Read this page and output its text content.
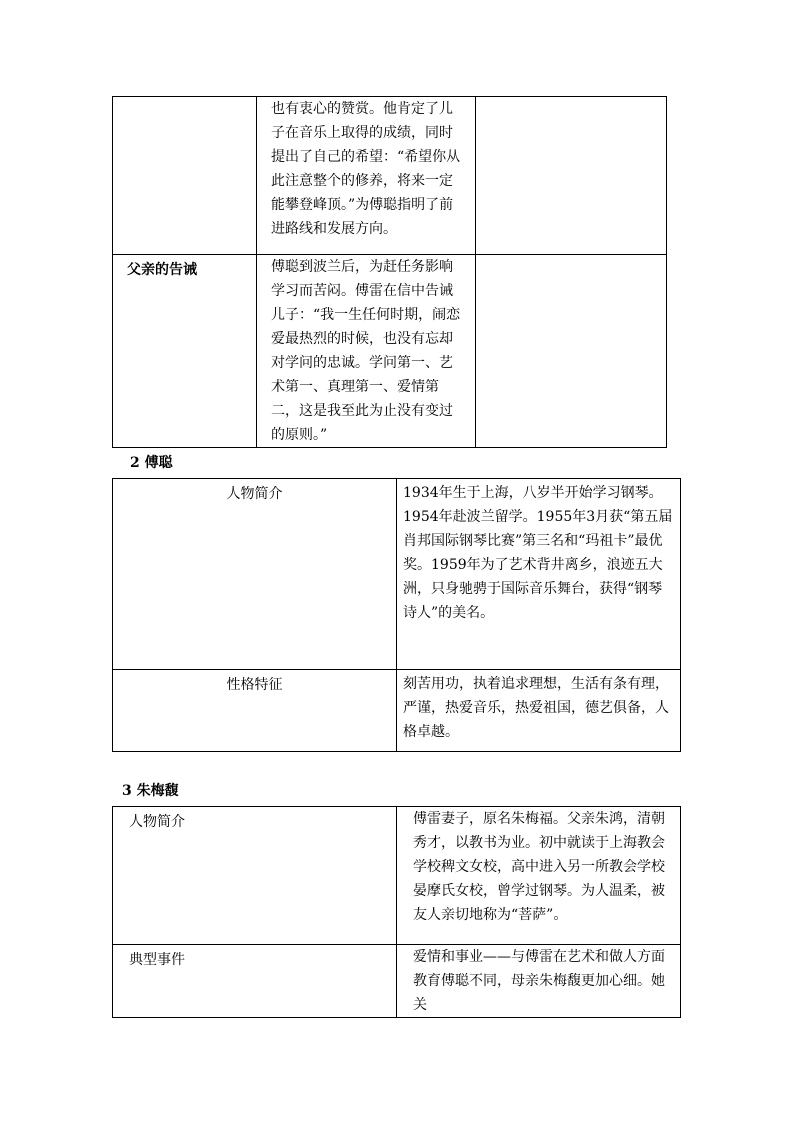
	也有衷心的赞赏。他肯定了儿子在音乐上取得的成绩，同时提出了自己的希望：“希望你从此注意整个的修养，将来一定能攀登峰顶。”为傅聪指明了前进路线和发展方向。	

父亲的告诫	傅聪到波兰后，为赶任务影响学习而苦闷。傅雷在信中告诫儿子：“我一生任何时期，闹恋爱最热烈的时候，也没有忘却对学问的忠诚。学问第一、艺术第一、真理第一、爱情第二，这是我至此为止没有变过的原则。”	

2 傅聪
人物简介	1934年生于上海，八岁半开始学习钢琴。1954年赴波兰留学。1955年3月获“第五届肖邦国际钢琴比赛”第三名和“玛祖卡”最优奖。1959年为了艺术背井离乡，浪迹五大洲，只身驰骋于国际音乐舞台，获得“钢琴诗人”的美名。

性格特征	刻苦用功，执着追求理想，生活有条有理，严谨，热爱音乐，热爱祖国，德艺俱备，人格卓越。
3 朱梅馥
人物简介	傅雷妻子，原名朱梅福。父亲朱鸿，清朝秀才，以教书为业。初中就读于上海教会学校稗文女校，高中进入另一所教会学校晏摩氏女校，曾学过钢琴。为人温柔，被友人亲切地称为“菩萨”。

典型事件	爱情和事业——与傅雷在艺术和做人方面教育傅聪不同，母亲朱梅馥更加心细。她关
